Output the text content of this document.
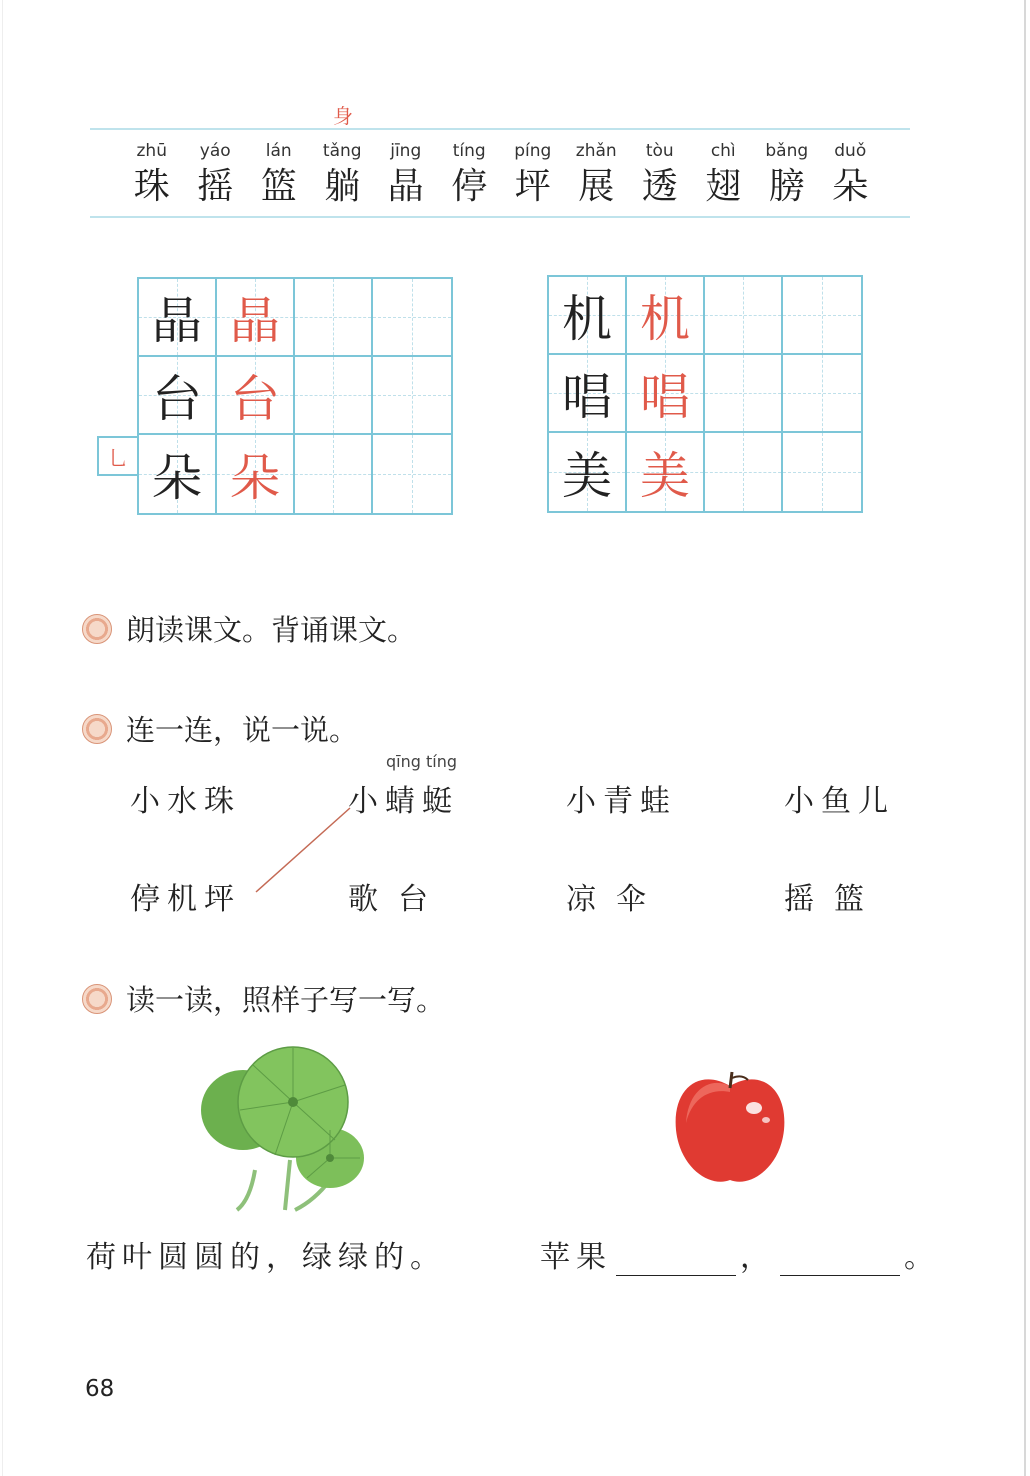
身
zhū
珠
yáo
摇
lán
篮
tǎng
躺
jīng
晶
tíng
停
píng
坪
zhǎn
展
tòu
透
chì
翅
bǎng
膀
duǒ
朵
乚
晶 晶
台 台
朵 朵
机 机
唱 唱
美 美
朗读课文。背诵课文。
连一连，说一说。
qīng tíng
小水珠	小蜻蜓	小青蛙	小鱼儿
停机坪	歌台	凉伞	摇篮
读一读，照样子写一写。
荷叶圆圆的，绿绿的。	苹果	，	。
68
